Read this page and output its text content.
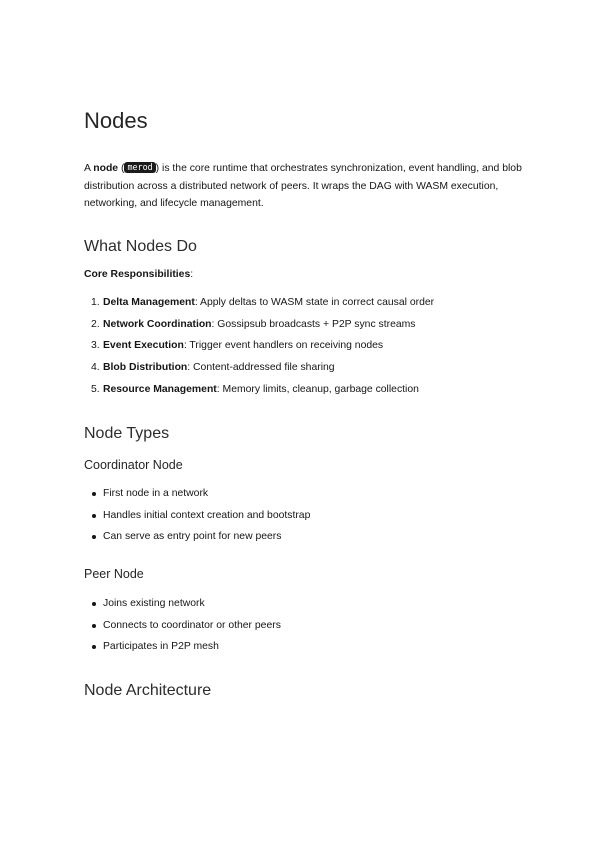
Nodes

A node ( merod ) is the core runtime that orchestrates synchronization, event handling, and blob distribution across a distributed network of peers. It wraps the DAG with WASM execution, networking, and lifecycle management.

What Nodes Do

Core Responsibilities:

1. Delta Management: Apply deltas to WASM state in correct causal order
2. Network Coordination: Gossipsub broadcasts + P2P sync streams
3. Event Execution: Trigger event handlers on receiving nodes
4. Blob Distribution: Content-addressed file sharing
5. Resource Management: Memory limits, cleanup, garbage collection
Node Types
Coordinator Node
First node in a network
Handles initial context creation and bootstrap
Can serve as entry point for new peers
Peer Node
Joins existing network
Connects to coordinator or other peers
Participates in P2P mesh
Node Architecture
